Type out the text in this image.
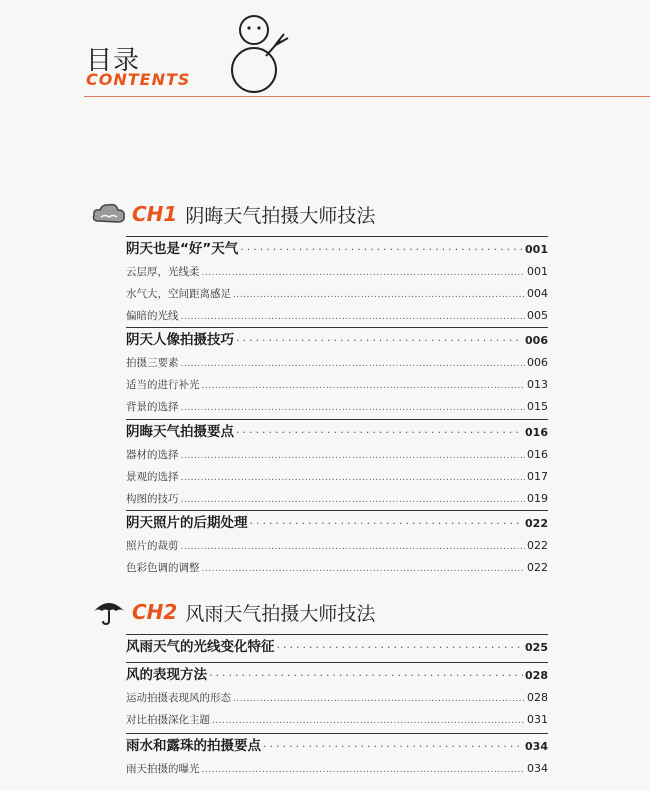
目录
CONTENTS
CH1 阴晦天气拍摄大师技法
阴天也是“好”天气 ·····	001
云层厚，光线柔 .....	001
水气大，空间距离感足 .....	004
偏暗的光线 .....	005
阴天人像拍摄技巧 ·····	006
拍摄三要素 .....	006
适当的进行补光 .....	013
背景的选择 .....	015
阴晦天气拍摄要点 ·····	016
器材的选择 .....	016
景观的选择 .....	017
构图的技巧 .....	019
阴天照片的后期处理 ·····	022
照片的裁剪 .....	022
色彩色调的调整 .....	022
CH2 风雨天气拍摄大师技法
风雨天气的光线变化特征 ·····	025
风的表现方法 ·····	028
运动拍摄表现风的形态 .....	028
对比拍摄深化主题 .....	031
雨水和露珠的拍摄要点 ·····	034
雨天拍摄的曝光 .....	034
